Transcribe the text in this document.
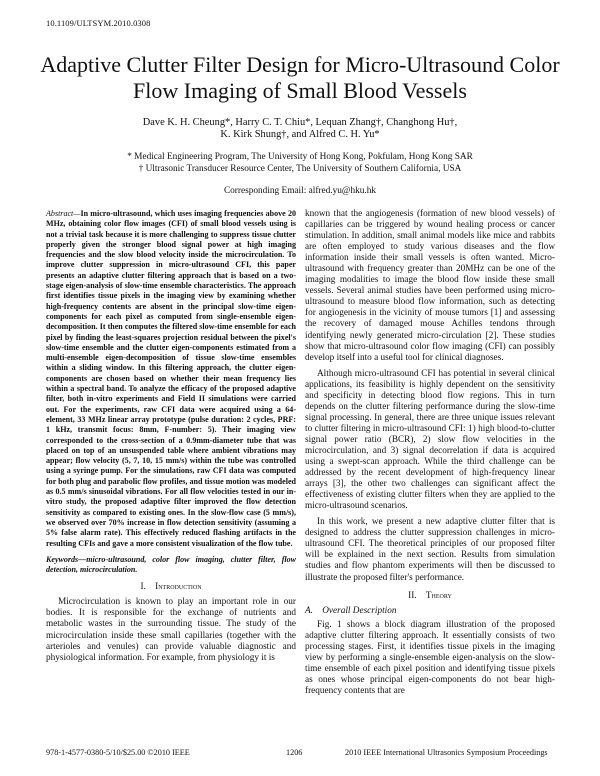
10.1109/ULTSYM.2010.0308
Adaptive Clutter Filter Design for Micro-Ultrasound Color Flow Imaging of Small Blood Vessels
Dave K. H. Cheung*, Harry C. T. Chiu*, Lequan Zhang†, Changhong Hu†,
K. Kirk Shung†, and Alfred C. H. Yu*
* Medical Engineering Program, The University of Hong Kong, Pokfulam, Hong Kong SAR
† Ultrasonic Transducer Resource Center, The University of Southern California, USA
Corresponding Email: alfred.yu@hku.hk

Abstract—In micro-ultrasound, which uses imaging frequencies above 20 MHz, obtaining color flow images (CFI) of small blood vessels using is not a trivial task because it is more challenging to suppress tissue clutter properly given the stronger blood signal power at high imaging frequencies and the slow blood velocity inside the microcirculation. To improve clutter suppression in micro-ultrasound CFI, this paper presents an adaptive clutter filtering approach that is based on a two-stage eigen-analysis of slow-time ensemble characteristics. The approach first identifies tissue pixels in the imaging view by examining whether high-frequency contents are absent in the principal slow-time eigen-components for each pixel as computed from single-ensemble eigen-decomposition. It then computes the filtered slow-time ensemble for each pixel by finding the least-squares projection residual between the pixel's slow-time ensemble and the clutter eigen-components estimated from a multi-ensemble eigen-decomposition of tissue slow-time ensembles within a sliding window. In this filtering approach, the clutter eigen-components are chosen based on whether their mean frequency lies within a spectral band. To analyze the efficacy of the proposed adaptive filter, both in-vitro experiments and Field II simulations were carried out. For the experiments, raw CFI data were acquired using a 64-element, 33 MHz linear array prototype (pulse duration: 2 cycles, PRF: 1 kHz, transmit focus: 8mm, F-number: 5). Their imaging view corresponded to the cross-section of a 0.9mm-diameter tube that was placed on top of an unsuspended table where ambient vibrations may appear; flow velocity (5, 7, 10, 15 mm/s) within the tube was controlled using a syringe pump. For the simulations, raw CFI data was computed for both plug and parabolic flow profiles, and tissue motion was modeled as 0.5 mm/s sinusoidal vibrations. For all flow velocities tested in our in-vitro study, the proposed adaptive filter improved the flow detection sensitivity as compared to existing ones. In the slow-flow case (5 mm/s), we observed over 70% increase in flow detection sensitivity (assuming a 5% false alarm rate). This effectively reduced flashing artifacts in the resulting CFIs and gave a more consistent visualization of the flow tube.

Keywords—micro-ultrasound, color flow imaging, clutter filter, flow detection, microcirculation.

I. Introduction

Microcirculation is known to play an important role in our bodies. It is responsible for the exchange of nutrients and metabolic wastes in the surrounding tissue. The study of the microcirculation inside these small capillaries (together with the arterioles and venules) can provide valuable diagnostic and physiological information. For example, from physiology it is

known that the angiogenesis (formation of new blood vessels) of capillaries can be triggered by wound healing process or cancer stimulation. In addition, small animal models like mice and rabbits are often employed to study various diseases and the flow information inside their small vessels is often wanted. Micro-ultrasound with frequency greater than 20MHz can be one of the imaging modalities to image the blood flow inside these small vessels. Several animal studies have been performed using micro-ultrasound to measure blood flow information, such as detecting for angiogenesis in the vicinity of mouse tumors [1] and assessing the recovery of damaged mouse Achilles tendons through identifying newly generated micro-circulation [2]. These studies show that micro-ultrasound color flow imaging (CFI) can possibly develop itself into a useful tool for clinical diagnoses.

Although micro-ultrasound CFI has potential in several clinical applications, its feasibility is highly dependent on the sensitivity and specificity in detecting blood flow regions. This in turn depends on the clutter filtering performance during the slow-time signal processing. In general, there are three unique issues relevant to clutter filtering in micro-ultrasound CFI: 1) high blood-to-clutter signal power ratio (BCR), 2) slow flow velocities in the microcirculation, and 3) signal decorrelation if data is acquired using a swept-scan approach. While the third challenge can be addressed by the recent development of high-frequency linear arrays [3], the other two challenges can significant affect the effectiveness of existing clutter filters when they are applied to the micro-ultrasound scenarios.

In this work, we present a new adaptive clutter filter that is designed to address the clutter suppression challenges in micro-ultrasound CFI. The theoretical principles of our proposed filter will be explained in the next section. Results from simulation studies and flow phantom experiments will then be discussed to illustrate the proposed filter's performance.

II. Theory
A. Overall Description

Fig. 1 shows a block diagram illustration of the proposed adaptive clutter filtering approach. It essentially consists of two processing stages. First, it identifies tissue pixels in the imaging view by performing a single-ensemble eigen-analysis on the slow-time ensemble of each pixel position and identifying tissue pixels as ones whose principal eigen-components do not bear high-frequency contents that are

978-1-4577-0380-5/10/$25.00 ©2010 IEEE	1206	2010 IEEE International Ultrasonics Symposium Proceedings
